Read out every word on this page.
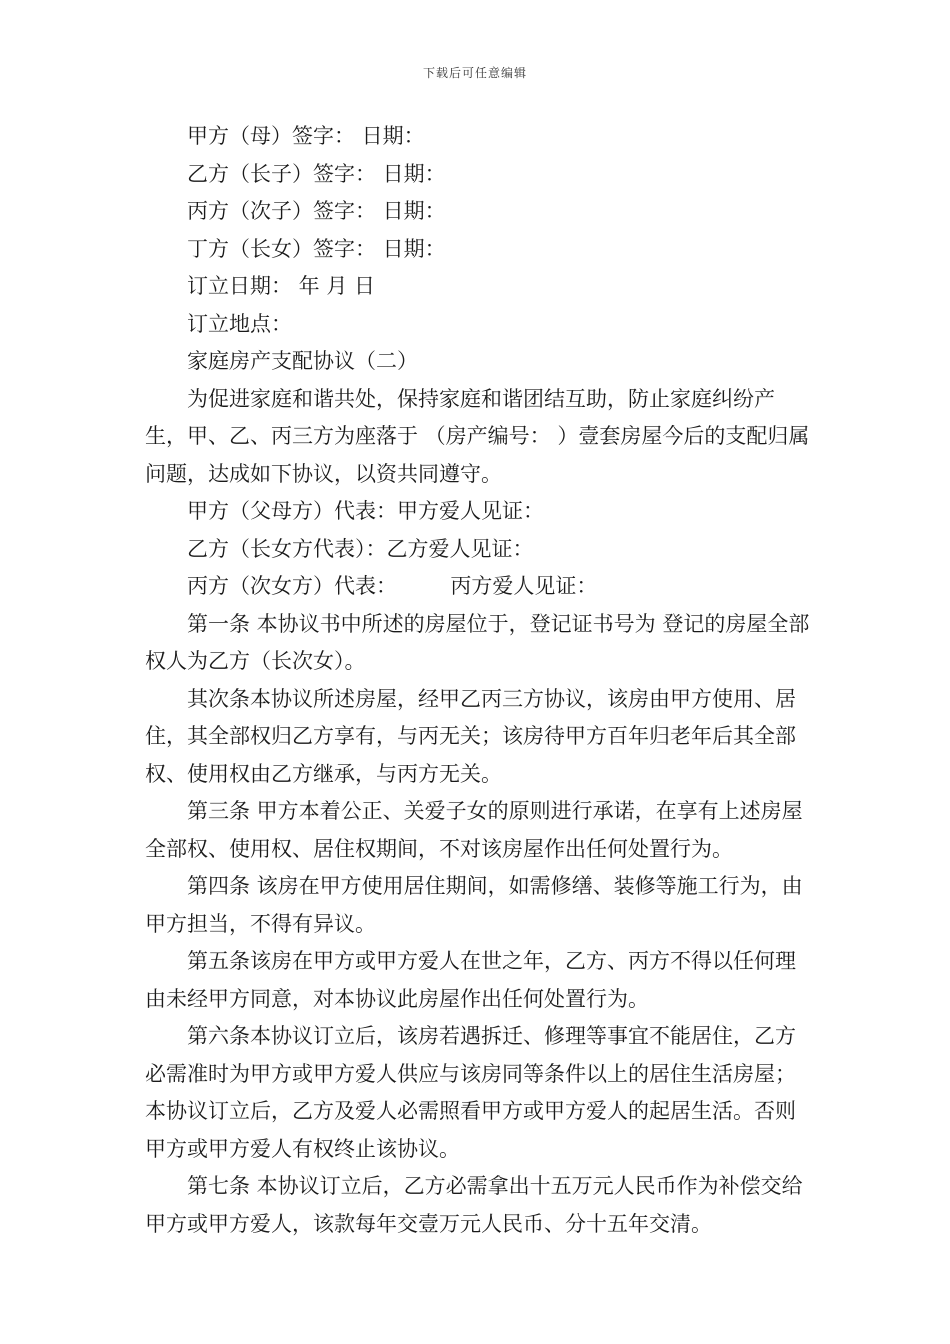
下载后可任意编辑

甲方（母）签字： 日期：

乙方（长子）签字： 日期：

丙方（次子）签字： 日期：

丁方（长女）签字： 日期：

订立日期： 年 月 日

订立地点：

家庭房产支配协议（二）

为促进家庭和谐共处，保持家庭和谐团结互助，防止家庭纠纷产生，甲、乙、丙三方为座落于 （房产编号： ）壹套房屋今后的支配归属问题，达成如下协议，以资共同遵守。

甲方（父母方）代表：甲方爱人见证：

乙方（长女方代表）：乙方爱人见证：

丙方（次女方）代表：        丙方爱人见证：

第一条 本协议书中所述的房屋位于，登记证书号为 登记的房屋全部权人为乙方（长次女）。

其次条本协议所述房屋，经甲乙丙三方协议，该房由甲方使用、居住，其全部权归乙方享有，与丙无关；该房待甲方百年归老年后其全部权、使用权由乙方继承，与丙方无关。

第三条 甲方本着公正、关爱子女的原则进行承诺，在享有上述房屋全部权、使用权、居住权期间，不对该房屋作出任何处置行为。

第四条 该房在甲方使用居住期间，如需修缮、装修等施工行为，由甲方担当，不得有异议。

第五条该房在甲方或甲方爱人在世之年，乙方、丙方不得以任何理由未经甲方同意，对本协议此房屋作出任何处置行为。

第六条本协议订立后，该房若遇拆迁、修理等事宜不能居住，乙方必需准时为甲方或甲方爱人供应与该房同等条件以上的居住生活房屋；本协议订立后，乙方及爱人必需照看甲方或甲方爱人的起居生活。否则甲方或甲方爱人有权终止该协议。

第七条 本协议订立后，乙方必需拿出十五万元人民币作为补偿交给甲方或甲方爱人，该款每年交壹万元人民币、分十五年交清。
